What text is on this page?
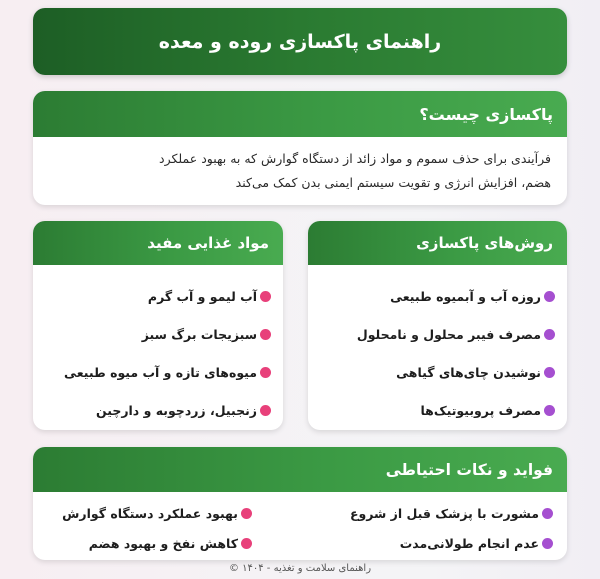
راهنمای پاکسازی روده و معده
پاکسازی چیست؟
فرآیندی برای حذف سموم و مواد زائد از دستگاه گوارش که به بهبود عملکرد
هضم، افزایش انرژی و تقویت سیستم ایمنی بدن کمک می‌کند
روش‌های پاکسازی
روزه آب و آبمیوه طبیعی
مصرف فیبر محلول و نامحلول
نوشیدن چای‌های گیاهی
مصرف پروبیوتیک‌ها
مواد غذایی مفید
آب لیمو و آب گرم
سبزیجات برگ سبز
میوه‌های تازه و آب میوه طبیعی
زنجبیل، زردچوبه و دارچین
فواید و نکات احتیاطی
مشورت با پزشک قبل از شروع
عدم انجام طولانی‌مدت
بهبود عملکرد دستگاه گوارش
کاهش نفخ و بهبود هضم
راهنمای سلامت و تغذیه - ۱۴۰۴ ©
